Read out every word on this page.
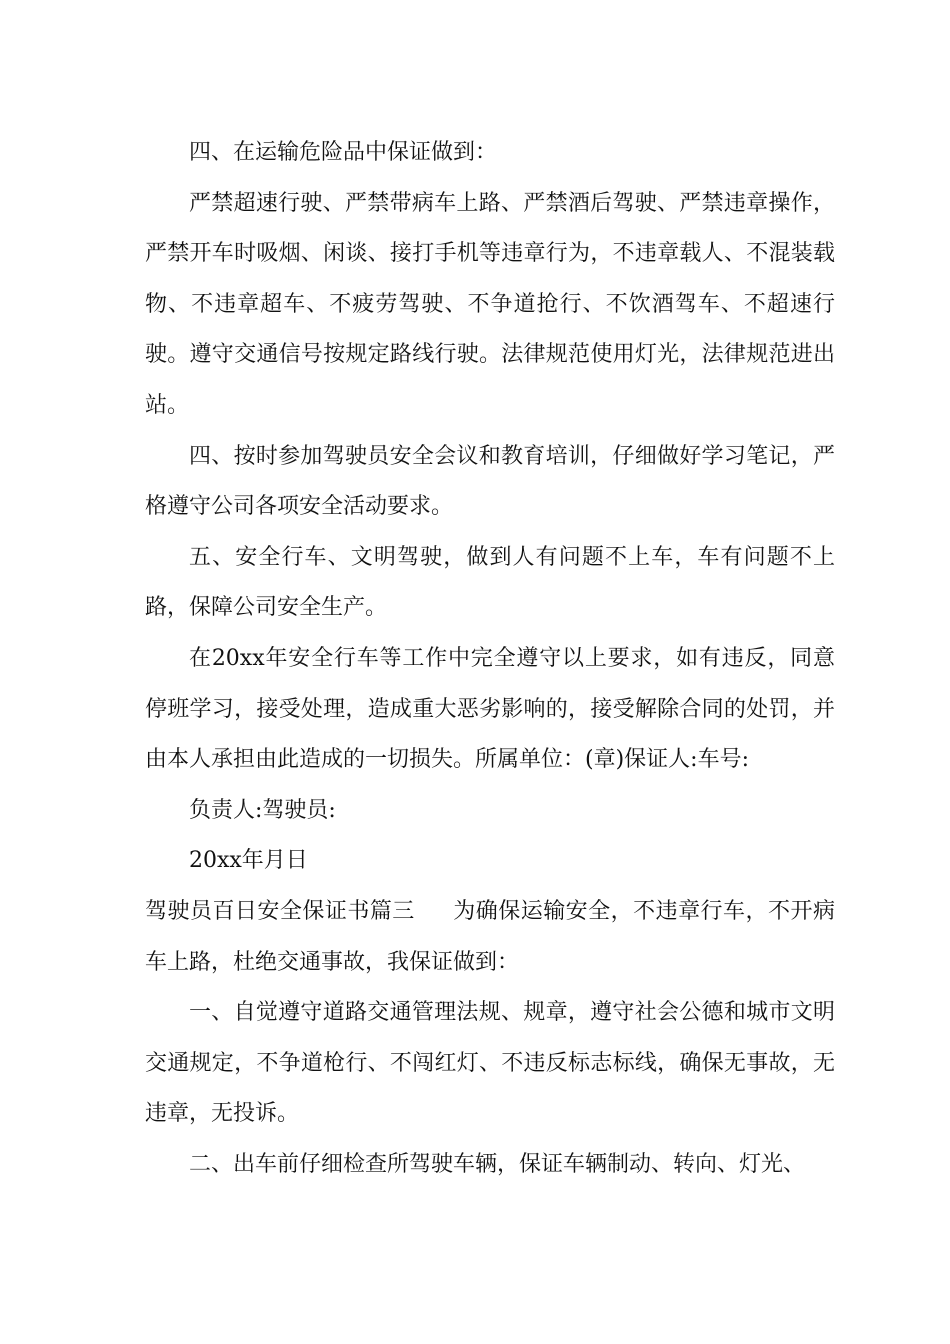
四、在运输危险品中保证做到：

严禁超速行驶、严禁带病车上路、严禁酒后驾驶、严禁违章操作，严禁开车时吸烟、闲谈、接打手机等违章行为，不违章载人、不混装载物、不违章超车、不疲劳驾驶、不争道抢行、不饮酒驾车、不超速行驶。遵守交通信号按规定路线行驶。法律规范使用灯光，法律规范进出站。

四、按时参加驾驶员安全会议和教育培训，仔细做好学习笔记，严格遵守公司各项安全活动要求。

五、安全行车、文明驾驶，做到人有问题不上车，车有问题不上路，保障公司安全生产。

在20xx年安全行车等工作中完全遵守以上要求，如有违反，同意停班学习，接受处理，造成重大恶劣影响的，接受解除合同的处罚，并由本人承担由此造成的一切损失。所属单位：(章)保证人:车号:

负责人:驾驶员:

20xx年月日

驾驶员百日安全保证书篇三 为确保运输安全，不违章行车，不开病车上路，杜绝交通事故，我保证做到：

一、自觉遵守道路交通管理法规、规章，遵守社会公德和城市文明交通规定，不争道枪行、不闯红灯、不违反标志标线，确保无事故，无违章，无投诉。

二、出车前仔细检查所驾驶车辆，保证车辆制动、转向、灯光、
